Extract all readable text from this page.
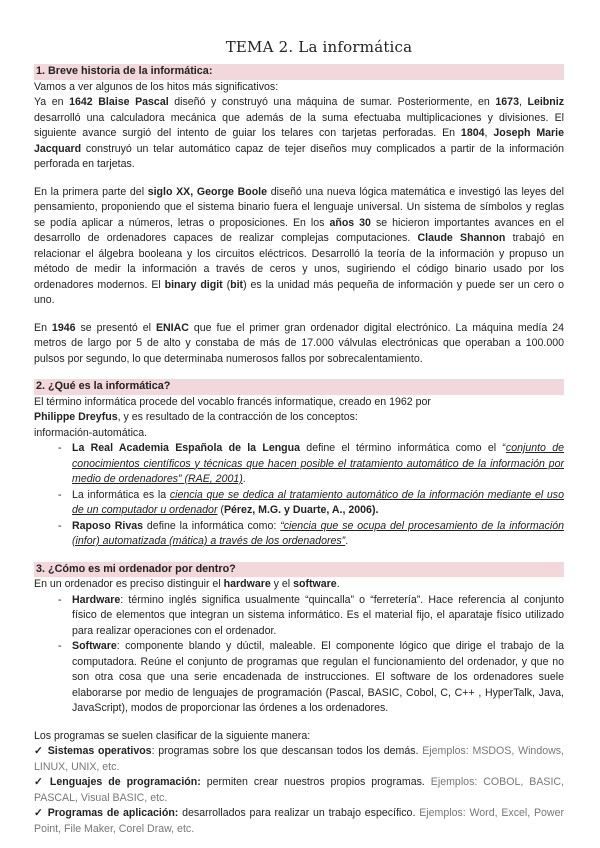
TEMA 2. La informática
1. Breve historia de la informática:

Vamos a ver algunos de los hitos más significativos:

Ya en 1642 Blaise Pascal diseñó y construyó una máquina de sumar. Posteriormente, en 1673, Leibniz desarrolló una calculadora mecánica que además de la suma efectuaba multiplicaciones y divisiones. El siguiente avance surgió del intento de guiar los telares con tarjetas perforadas. En 1804, Joseph Marie Jacquard construyó un telar automático capaz de tejer diseños muy complicados a partir de la información perforada en tarjetas.

En la primera parte del siglo XX, George Boole diseñó una nueva lógica matemática e investigó las leyes del pensamiento, proponiendo que el sistema binario fuera el lenguaje universal. Un sistema de símbolos y reglas se podía aplicar a números, letras o proposiciones. En los años 30 se hicieron importantes avances en el desarrollo de ordenadores capaces de realizar complejas computaciones. Claude Shannon trabajó en relacionar el álgebra booleana y los circuitos eléctricos. Desarrolló la teoría de la información y propuso un método de medir la información a través de ceros y unos, sugiriendo el código binario usado por los ordenadores modernos. El binary digit (bit) es la unidad más pequeña de información y puede ser un cero o uno.

En 1946 se presentó el ENIAC que fue el primer gran ordenador digital electrónico. La máquina medía 24 metros de largo por 5 de alto y constaba de más de 17.000 válvulas electrónicas que operaban a 100.000 pulsos por segundo, lo que determinaba numerosos fallos por sobrecalentamiento.

2. ¿Qué es la informática?

El término informática procede del vocablo francés informatique, creado en 1962 por

Philippe Dreyfus, y es resultado de la contracción de los conceptos:

información-automática.

- La Real Academia Española de la Lengua define el término informática como el “conjunto de conocimientos científicos y técnicas que hacen posible el tratamiento automático de la información por medio de ordenadores” (RAE, 2001).
- La informática es la ciencia que se dedica al tratamiento automático de la información mediante el uso de un computador u ordenador (Pérez, M.G. y Duarte, A., 2006).
- Raposo Rivas define la informática como: “ciencia que se ocupa del procesamiento de la información (infor) automatizada (mática) a través de los ordenadores”.
3. ¿Cómo es mi ordenador por dentro?

En un ordenador es preciso distinguir el hardware y el software.

- Hardware: término inglés significa usualmente “quincalla” o “ferretería”. Hace referencia al conjunto físico de elementos que integran un sistema informático. Es el material fijo, el aparataje físico utilizado para realizar operaciones con el ordenador.
- Software: componente blando y dúctil, maleable. El componente lógico que dirige el trabajo de la computadora. Reúne el conjunto de programas que regulan el funcionamiento del ordenador, y que no son otra cosa que una serie encadenada de instrucciones. El software de los ordenadores suele elaborarse por medio de lenguajes de programación (Pascal, BASIC, Cobol, C, C++ , HyperTalk, Java, JavaScript), modos de proporcionar las órdenes a los ordenadores.

Los programas se suelen clasificar de la siguiente manera:

✓ Sistemas operativos: programas sobre los que descansan todos los demás. Ejemplos: MSDOS, Windows, LINUX, UNIX, etc.

✓ Lenguajes de programación: permiten crear nuestros propios programas. Ejemplos: COBOL, BASIC, PASCAL, Visual BASIC, etc.

✓ Programas de aplicación: desarrollados para realizar un trabajo específico. Ejemplos: Word, Excel, Power Point, File Maker, Corel Draw, etc.
